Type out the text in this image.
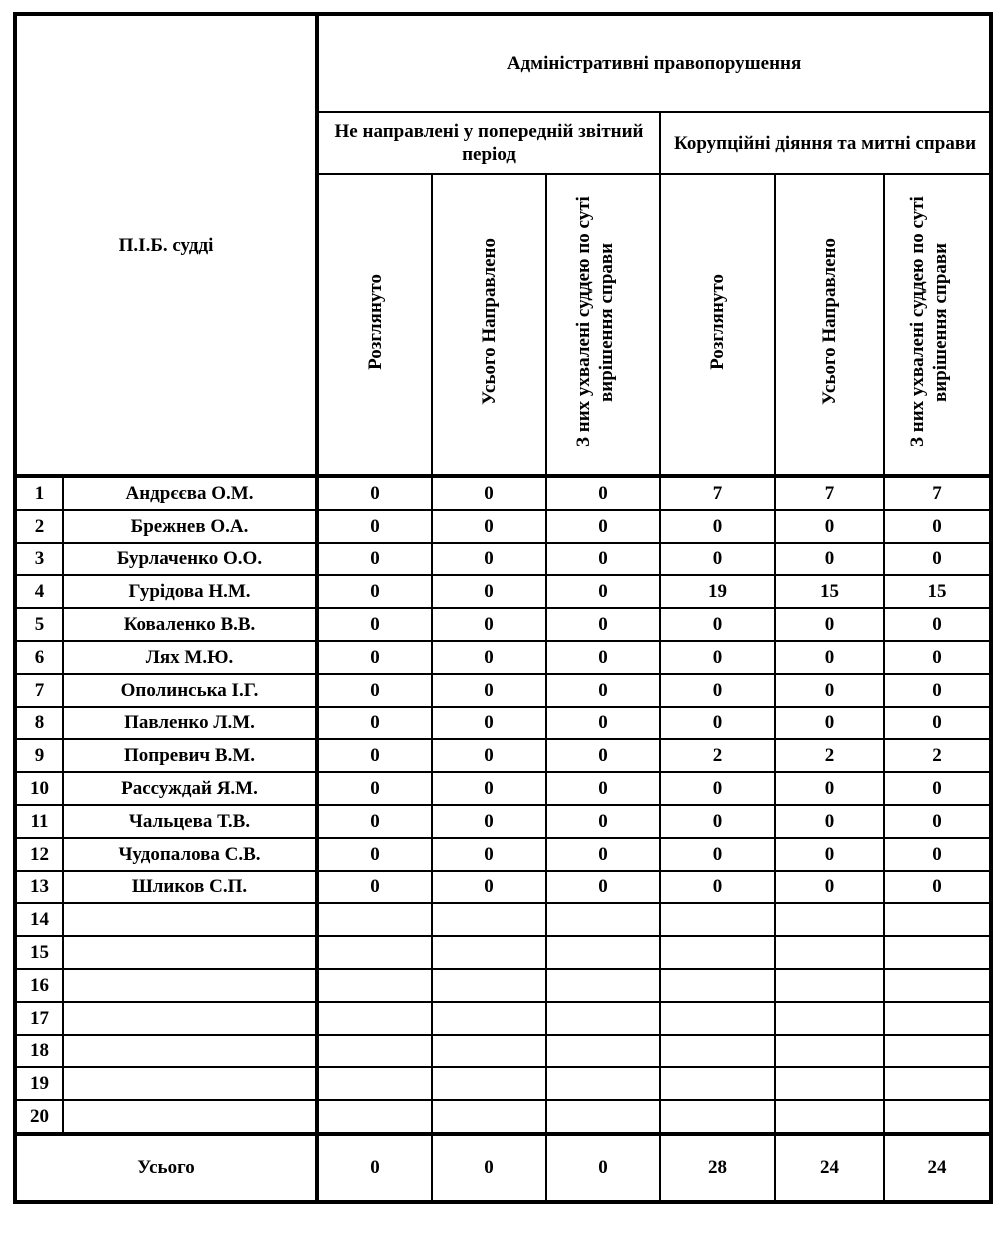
П.І.Б. судді		Адміністративні правопорушення					
		Не направлені у попередній звітний період			Корупційні діяння та митні справи		
		Розглянуто	Усього Направлено	З них ухвалені суддею по суті вирішення справи	Розглянуто	Усього Направлено	З них ухвалені суддею по суті вирішення справи
1	Андрєєва О.М.	0	0	0	7	7	7
2	Брежнев О.А.	0	0	0	0	0	0
3	Бурлаченко О.О.	0	0	0	0	0	0
4	Гурідова Н.М.	0	0	0	19	15	15
5	Коваленко В.В.	0	0	0	0	0	0
6	Лях М.Ю.	0	0	0	0	0	0
7	Ополинська І.Г.	0	0	0	0	0	0
8	Павленко Л.М.	0	0	0	0	0	0
9	Попревич В.М.	0	0	0	2	2	2
10	Рассуждай Я.М.	0	0	0	0	0	0
11	Чальцева Т.В.	0	0	0	0	0	0
12	Чудопалова С.В.	0	0	0	0	0	0
13	Шликов С.П.	0	0	0	0	0	0
14							
15							
16							
17							
18							
19							
20							
Усього		0	0	0	28	24	24
